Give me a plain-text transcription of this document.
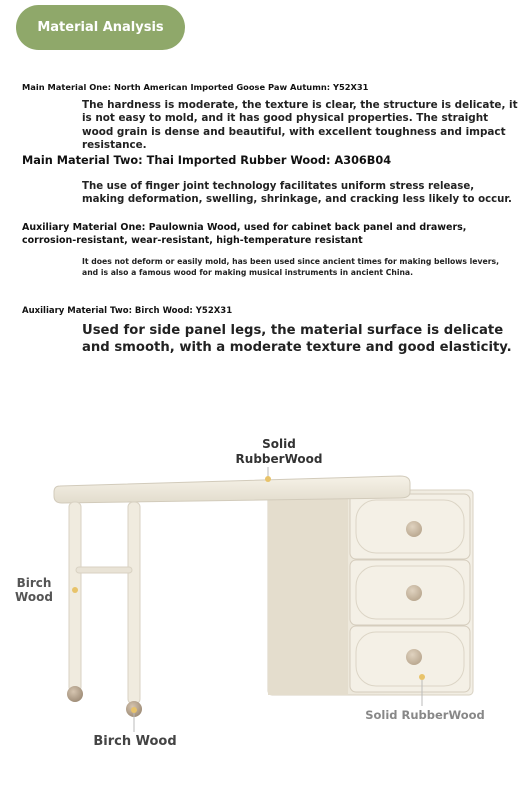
Material Analysis
Main Material One: North American Imported Goose Paw Autumn: Y52X31
The hardness is moderate, the texture is clear, the structure is delicate, it is not easy to mold, and it has good physical properties. The straight wood grain is dense and beautiful, with excellent toughness and impact resistance.
Main Material Two: Thai Imported Rubber Wood: A306B04
The use of finger joint technology facilitates uniform stress release, making deformation, swelling, shrinkage, and cracking less likely to occur.
Auxiliary Material One: Paulownia Wood, used for cabinet back panel and drawers, corrosion-resistant, wear-resistant, high-temperature resistant
It does not deform or easily mold, has been used since ancient times for making bellows levers, and is also a famous wood for making musical instruments in ancient China.
Auxiliary Material Two: Birch Wood: Y52X31
Used for side panel legs, the material surface is delicate and smooth, with a moderate texture and good elasticity.
Solid RubberWood
Birch Wood
Birch Wood
Solid RubberWood
